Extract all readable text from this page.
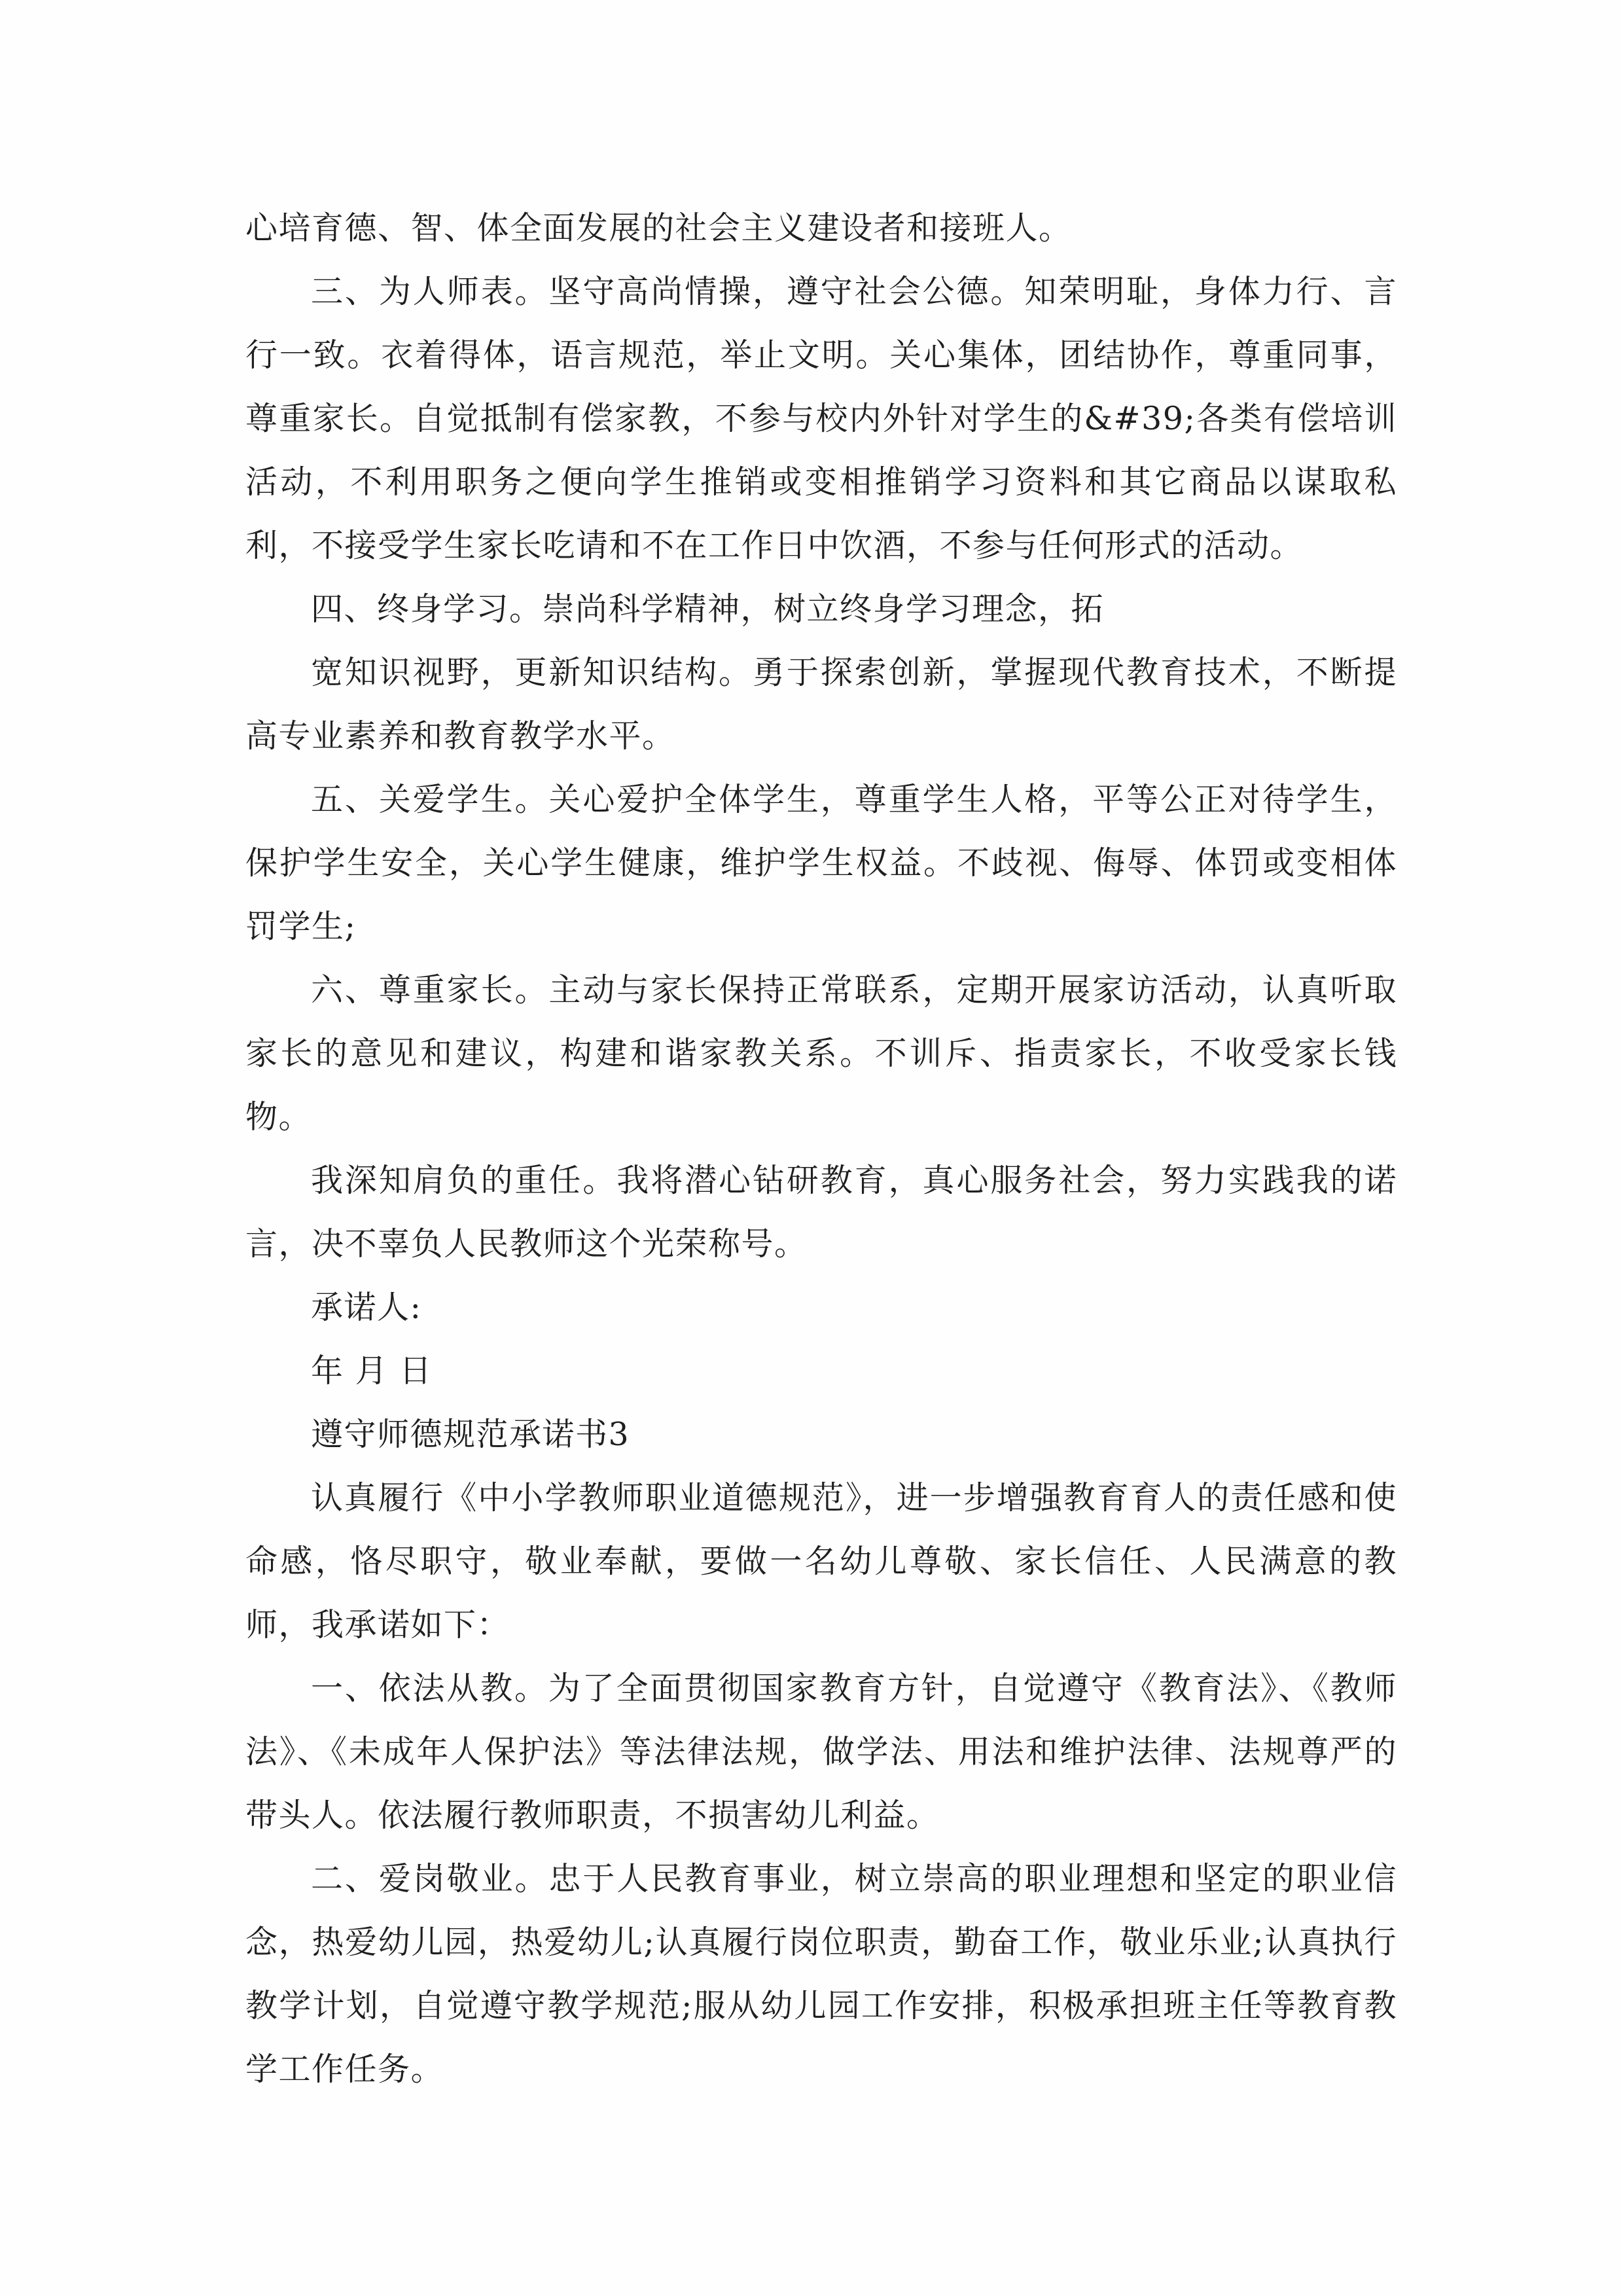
心培育德、智、体全面发展的社会主义建设者和接班人。

三、为人师表。坚守高尚情操，遵守社会公德。知荣明耻，身体力行、言行一致。衣着得体，语言规范，举止文明。关心集体，团结协作，尊重同事，尊重家长。自觉抵制有偿家教，不参与校内外针对学生的&#39;各类有偿培训活动，不利用职务之便向学生推销或变相推销学习资料和其它商品以谋取私利，不接受学生家长吃请和不在工作日中饮酒，不参与任何形式的活动。

四、终身学习。崇尚科学精神，树立终身学习理念，拓

宽知识视野，更新知识结构。勇于探索创新，掌握现代教育技术，不断提高专业素养和教育教学水平。

五、关爱学生。关心爱护全体学生，尊重学生人格，平等公正对待学生，保护学生安全，关心学生健康，维护学生权益。不歧视、侮辱、体罚或变相体罚学生;

六、尊重家长。主动与家长保持正常联系，定期开展家访活动，认真听取家长的意见和建议，构建和谐家教关系。不训斥、指责家长，不收受家长钱物。

我深知肩负的重任。我将潜心钻研教育，真心服务社会，努力实践我的诺言，决不辜负人民教师这个光荣称号。

承诺人:

年 月 日

遵守师德规范承诺书3

认真履行《中小学教师职业道德规范》，进一步增强教育育人的责任感和使命感，恪尽职守，敬业奉献，要做一名幼儿尊敬、家长信任、人民满意的教师，我承诺如下：

一、依法从教。为了全面贯彻国家教育方针，自觉遵守《教育法》、《教师法》、《未成年人保护法》等法律法规，做学法、用法和维护法律、法规尊严的带头人。依法履行教师职责，不损害幼儿利益。

二、爱岗敬业。忠于人民教育事业，树立崇高的职业理想和坚定的职业信念，热爱幼儿园，热爱幼儿;认真履行岗位职责，勤奋工作，敬业乐业;认真执行教学计划，自觉遵守教学规范;服从幼儿园工作安排，积极承担班主任等教育教学工作任务。
